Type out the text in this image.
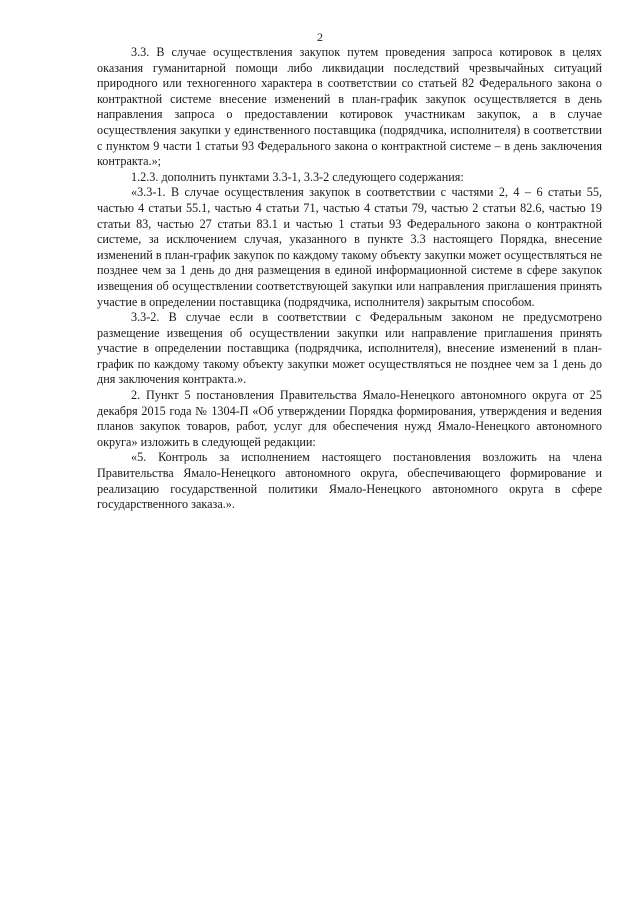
2

3.3. В случае осуществления закупок путем проведения запроса котировок в целях оказания гуманитарной помощи либо ликвидации последствий чрезвычайных ситуаций природного или техногенного характера в соответствии со статьей 82 Федерального закона о контрактной системе внесение изменений в план-график закупок осуществляется в день направления запроса о предоставлении котировок участникам закупок, а в случае осуществления закупки у единственного поставщика (подрядчика, исполнителя) в соответствии с пунктом 9 части 1 статьи 93 Федерального закона о контрактной системе – в день заключения контракта.»;

1.2.3. дополнить пунктами 3.3-1, 3.3-2 следующего содержания:

«3.3-1. В случае осуществления закупок в соответствии с частями 2, 4 – 6 статьи 55, частью 4 статьи 55.1, частью 4 статьи 71, частью 4 статьи 79, частью 2 статьи 82.6, частью 19 статьи 83, частью 27 статьи 83.1 и частью 1 статьи 93 Федерального закона о контрактной системе, за исключением случая, указанного в пункте 3.3 настоящего Порядка, внесение изменений в план-график закупок по каждому такому объекту закупки может осуществляться не позднее чем за 1 день до дня размещения в единой информационной системе в сфере закупок извещения об осуществлении соответствующей закупки или направления приглашения принять участие в определении поставщика (подрядчика, исполнителя) закрытым способом.

3.3-2. В случае если в соответствии с Федеральным законом не предусмотрено размещение извещения об осуществлении закупки или направление приглашения принять участие в определении поставщика (подрядчика, исполнителя), внесение изменений в план-график по каждому такому объекту закупки может осуществляться не позднее чем за 1 день до дня заключения контракта.».

2. Пункт 5 постановления Правительства Ямало-Ненецкого автономного округа от 25 декабря 2015 года № 1304-П «Об утверждении Порядка формирования, утверждения и ведения планов закупок товаров, работ, услуг для обеспечения нужд Ямало-Ненецкого автономного округа» изложить в следующей редакции:

«5. Контроль за исполнением настоящего постановления возложить на члена Правительства Ямало-Ненецкого автономного округа, обеспечивающего формирование и реализацию государственной политики Ямало-Ненецкого автономного округа в сфере государственного заказа.».
